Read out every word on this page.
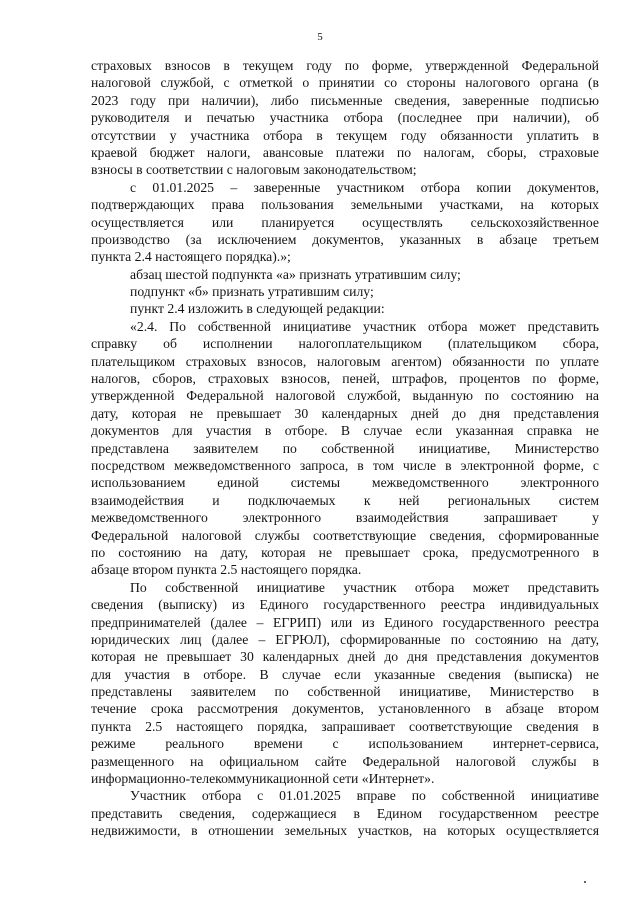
5
страховых взносов в текущем году по форме, утвержденной Федеральной
налоговой службой, с отметкой о принятии со стороны налогового органа (в
2023 году при наличии), либо письменные сведения, заверенные подписью
руководителя и печатью участника отбора (последнее при наличии), об
отсутствии у участника отбора в текущем году обязанности уплатить в
краевой бюджет налоги, авансовые платежи по налогам, сборы, страховые
взносы в соответствии с налоговым законодательством;
с 01.01.2025 – заверенные участником отбора копии документов,
подтверждающих права пользования земельными участками, на которых
осуществляется или планируется осуществлять сельскохозяйственное
производство (за исключением документов, указанных в абзаце третьем
пункта 2.4 настоящего порядка).»;
абзац шестой подпункта «а» признать утратившим силу;
подпункт «б» признать утратившим силу;
пункт 2.4 изложить в следующей редакции:
«2.4. По собственной инициативе участник отбора может представить
справку об исполнении налогоплательщиком (плательщиком сбора,
плательщиком страховых взносов, налоговым агентом) обязанности по уплате
налогов, сборов, страховых взносов, пеней, штрафов, процентов по форме,
утвержденной Федеральной налоговой службой, выданную по состоянию на
дату, которая не превышает 30 календарных дней до дня представления
документов для участия в отборе. В случае если указанная справка не
представлена заявителем по собственной инициативе, Министерство
посредством межведомственного запроса, в том числе в электронной форме, с
использованием единой системы межведомственного электронного
взаимодействия и подключаемых к ней региональных систем
межведомственного электронного взаимодействия запрашивает у
Федеральной налоговой службы соответствующие сведения, сформированные
по состоянию на дату, которая не превышает срока, предусмотренного в
абзаце втором пункта 2.5 настоящего порядка.
По собственной инициативе участник отбора может представить
сведения (выписку) из Единого государственного реестра индивидуальных
предпринимателей (далее – ЕГРИП) или из Единого государственного реестра
юридических лиц (далее – ЕГРЮЛ), сформированные по состоянию на дату,
которая не превышает 30 календарных дней до дня представления документов
для участия в отборе. В случае если указанные сведения (выписка) не
представлены заявителем по собственной инициативе, Министерство в
течение срока рассмотрения документов, установленного в абзаце втором
пункта 2.5 настоящего порядка, запрашивает соответствующие сведения в
режиме реального времени с использованием интернет-сервиса,
размещенного на официальном сайте Федеральной налоговой службы в
информационно-телекоммуникационной сети «Интернет».
Участник отбора с 01.01.2025 вправе по собственной инициативе
представить сведения, содержащиеся в Едином государственном реестре
недвижимости, в отношении земельных участков, на которых осуществляется
